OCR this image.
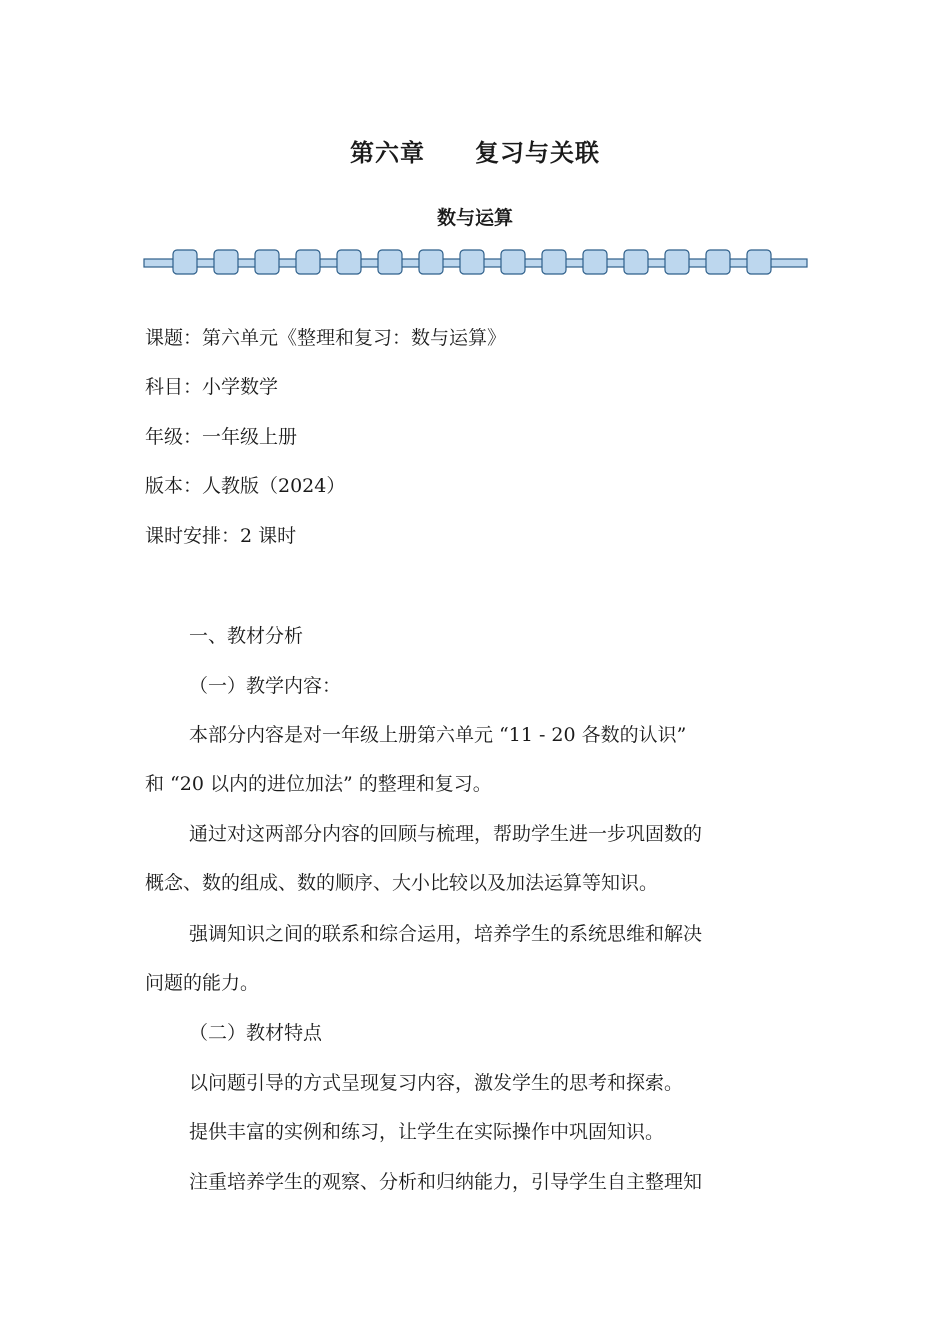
第六章 复习与关联
数与运算
课题：第六单元《整理和复习：数与运算》
科目：小学数学
年级：一年级上册
版本：人教版（2024）
课时安排：2 课时
一、教材分析
（一）教学内容：
本部分内容是对一年级上册第六单元 “11 - 20 各数的认识”
和 “20 以内的进位加法” 的整理和复习。
通过对这两部分内容的回顾与梳理，帮助学生进一步巩固数的
概念、数的组成、数的顺序、大小比较以及加法运算等知识。
强调知识之间的联系和综合运用，培养学生的系统思维和解决
问题的能力。
（二）教材特点
以问题引导的方式呈现复习内容，激发学生的思考和探索。
提供丰富的实例和练习，让学生在实际操作中巩固知识。
注重培养学生的观察、分析和归纳能力，引导学生自主整理知
